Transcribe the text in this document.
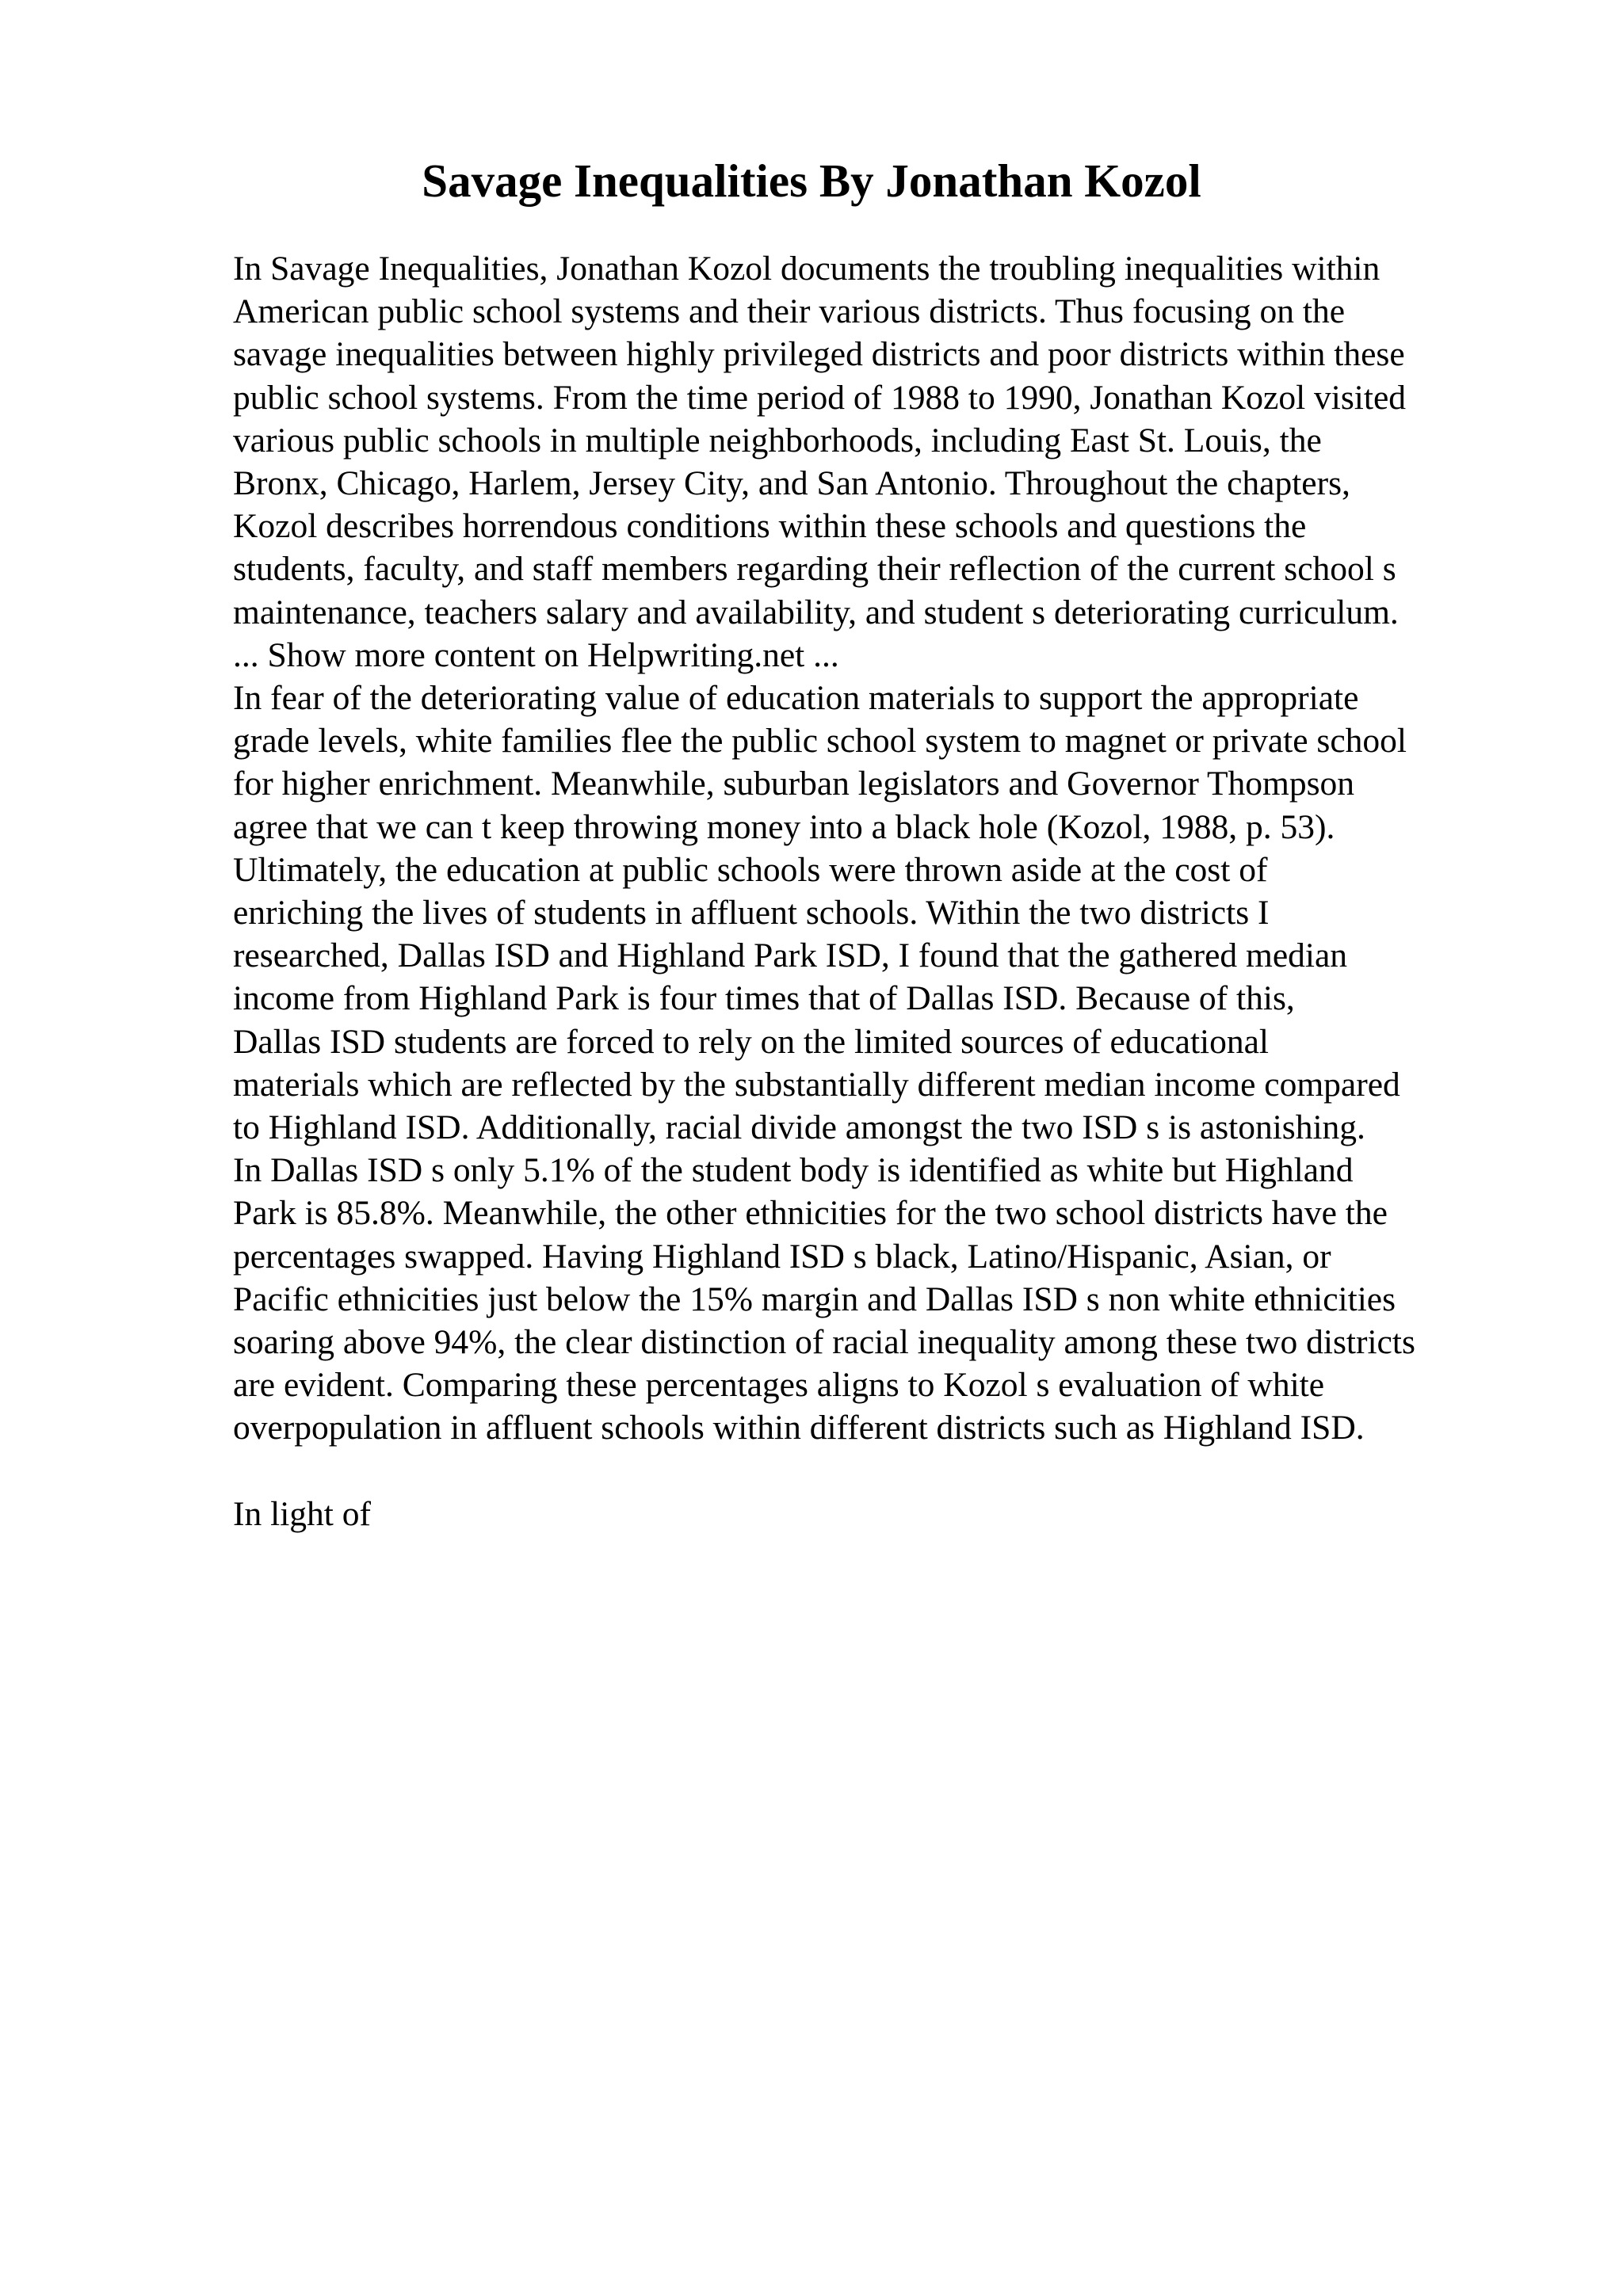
Savage Inequalities By Jonathan Kozol
In Savage Inequalities, Jonathan Kozol documents the troubling inequalities within
American public school systems and their various districts. Thus focusing on the
savage inequalities between highly privileged districts and poor districts within these
public school systems. From the time period of 1988 to 1990, Jonathan Kozol visited
various public schools in multiple neighborhoods, including East St. Louis, the
Bronx, Chicago, Harlem, Jersey City, and San Antonio. Throughout the chapters,
Kozol describes horrendous conditions within these schools and questions the
students, faculty, and staff members regarding their reflection of the current school s
maintenance, teachers salary and availability, and student s deteriorating curriculum.
... Show more content on Helpwriting.net ...
In fear of the deteriorating value of education materials to support the appropriate
grade levels, white families flee the public school system to magnet or private school
for higher enrichment. Meanwhile, suburban legislators and Governor Thompson
agree that we can t keep throwing money into a black hole (Kozol, 1988, p. 53).
Ultimately, the education at public schools were thrown aside at the cost of
enriching the lives of students in affluent schools. Within the two districts I
researched, Dallas ISD and Highland Park ISD, I found that the gathered median
income from Highland Park is four times that of Dallas ISD. Because of this,
Dallas ISD students are forced to rely on the limited sources of educational
materials which are reflected by the substantially different median income compared
to Highland ISD. Additionally, racial divide amongst the two ISD s is astonishing.
In Dallas ISD s only 5.1% of the student body is identified as white but Highland
Park is 85.8%. Meanwhile, the other ethnicities for the two school districts have the
percentages swapped. Having Highland ISD s black, Latino/Hispanic, Asian, or
Pacific ethnicities just below the 15% margin and Dallas ISD s non white ethnicities
soaring above 94%, the clear distinction of racial inequality among these two districts
are evident. Comparing these percentages aligns to Kozol s evaluation of white
overpopulation in affluent schools within different districts such as Highland ISD.
In light of
